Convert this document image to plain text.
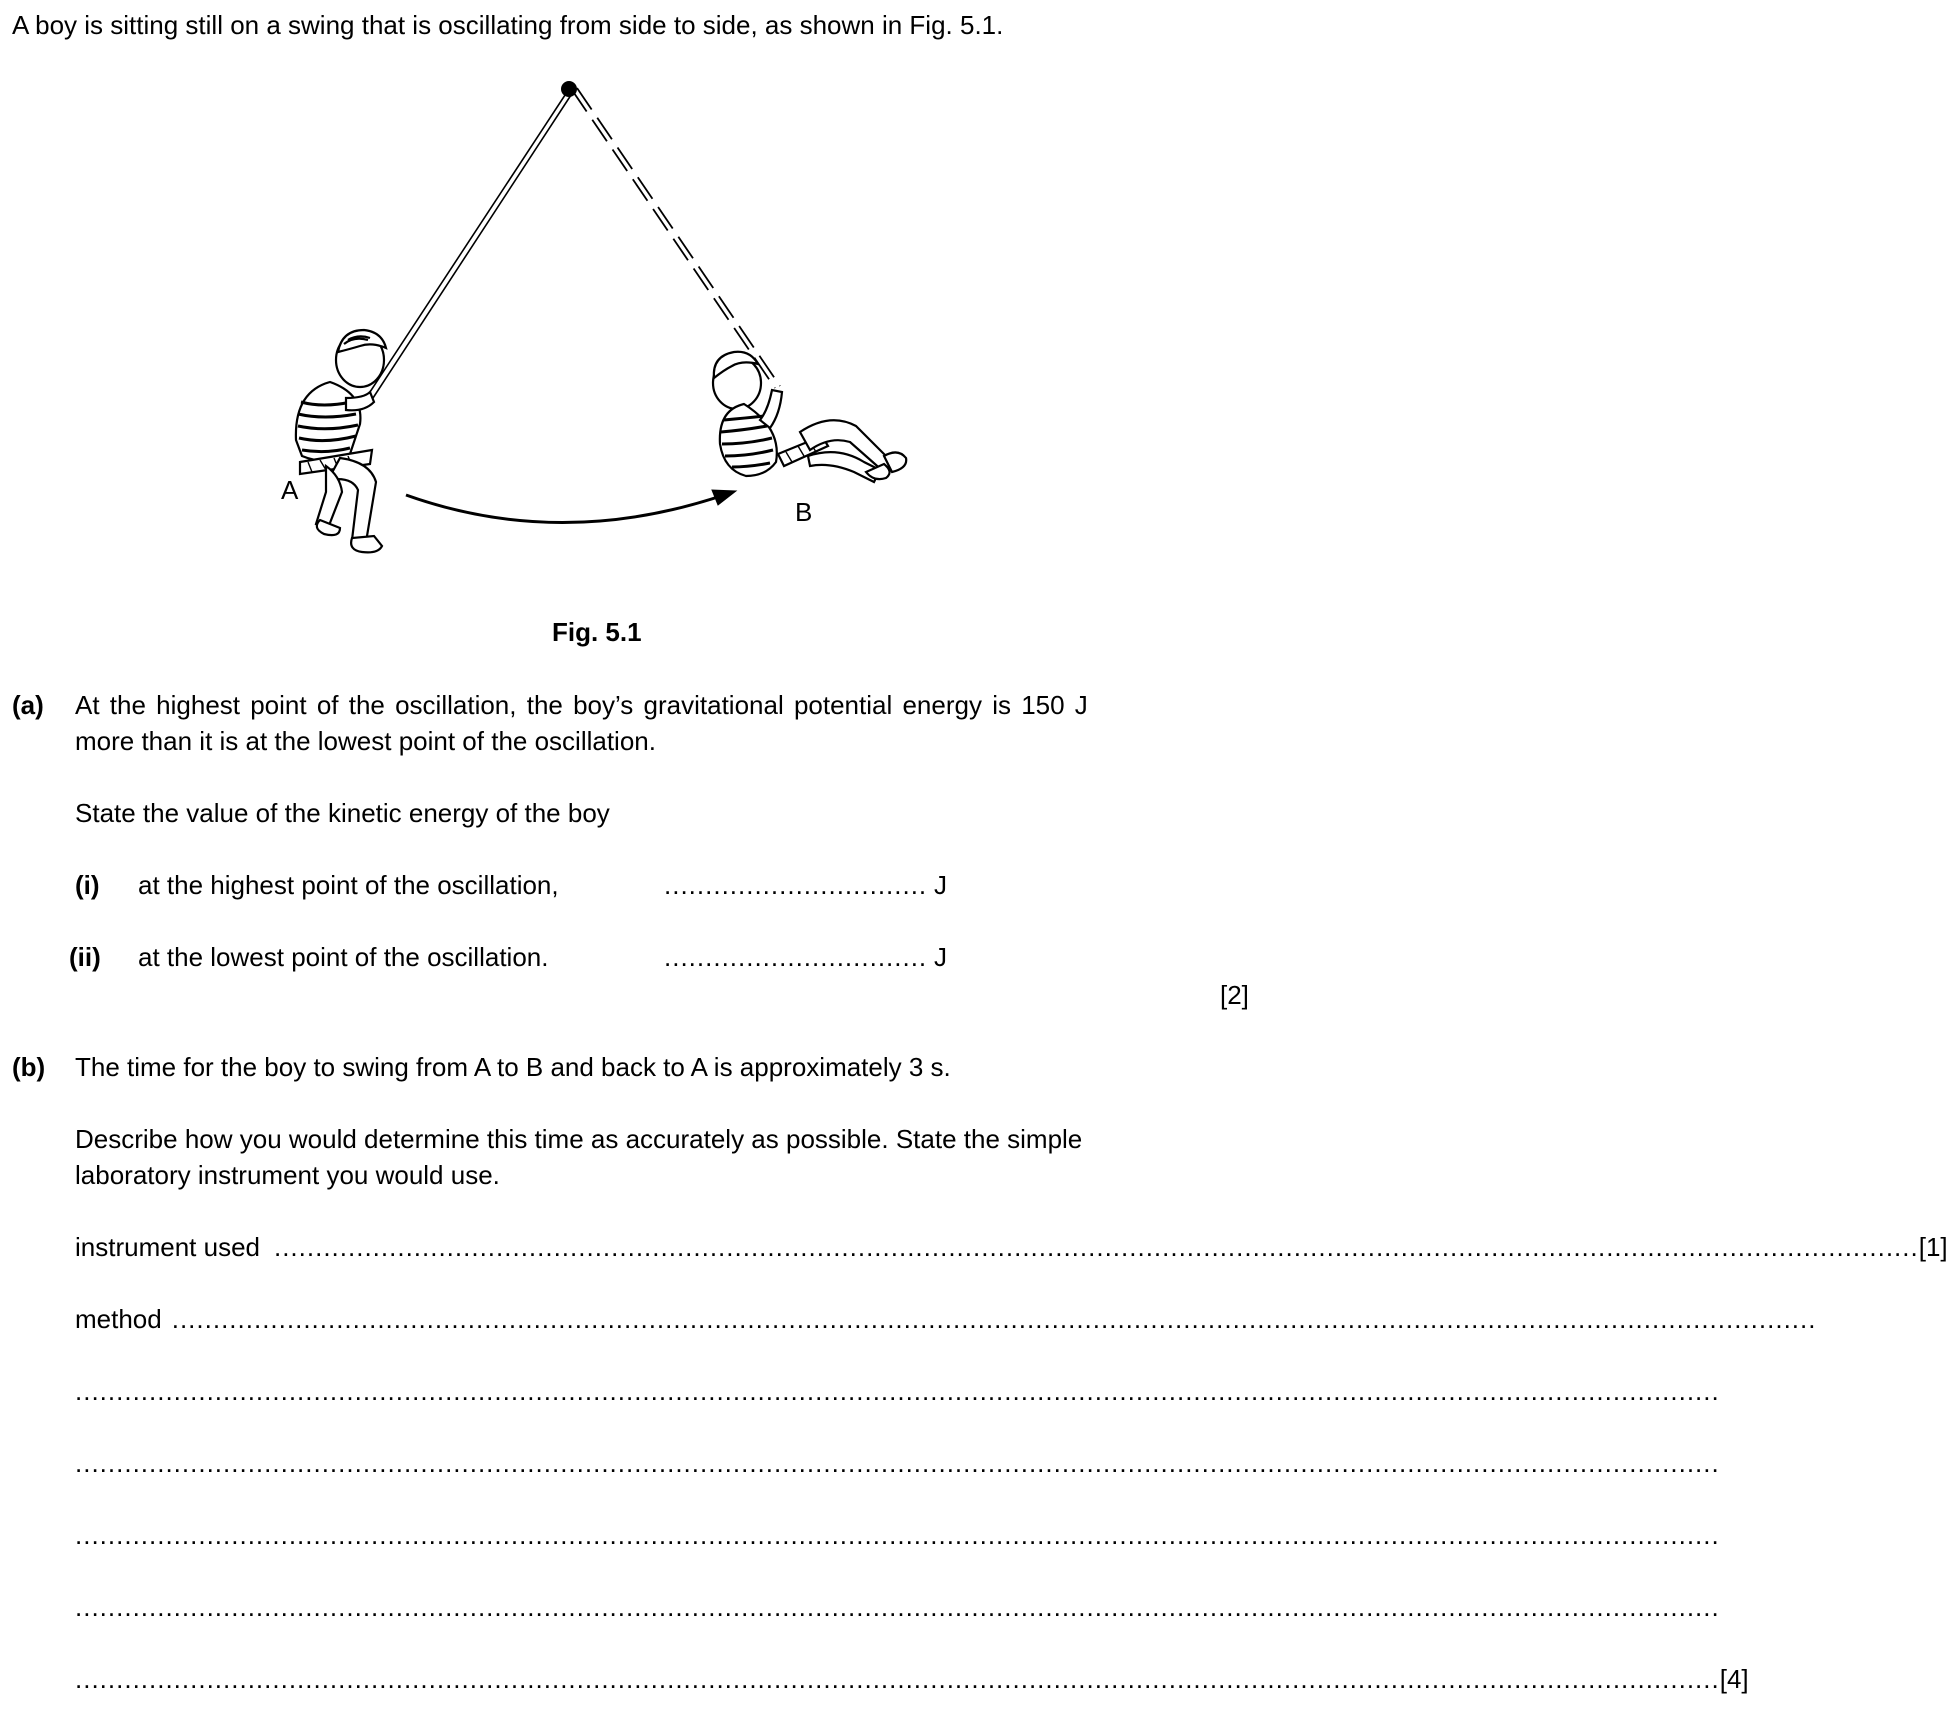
A
B
Fig. 5.1
A boy is sitting still on a swing that is oscillating from side to side, as shown in Fig. 5.1.
(a) At the highest point of the oscillation, the boy’s gravitational potential energy is 150 J
more than it is at the lowest point of the oscillation.
State the value of the kinetic energy of the boy
(i) at the highest point of the oscillation,	................................ J
(ii) at the lowest point of the oscillation.	................................ J
[2]
(b) The time for the boy to swing from A to B and back to A is approximately 3 s.
Describe how you would determine this time as accurately as possible. State the simple
laboratory instrument you would use.
instrument used ........................................................................................................................................................................................................ [1]
method ........................................................................................................................................................................................................
........................................................................................................................................................................................................
........................................................................................................................................................................................................
........................................................................................................................................................................................................
........................................................................................................................................................................................................
........................................................................................................................................................................................................ [4]
